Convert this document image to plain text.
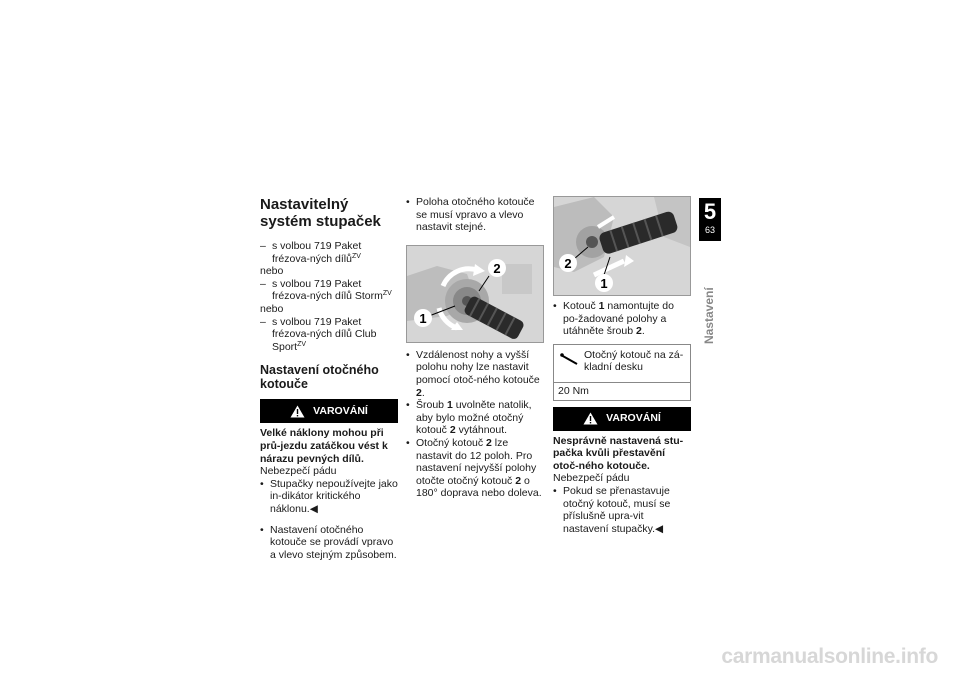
Nastavitelný systém stupaček
– s volbou 719 Paket frézova-ných dílů$^{ZV}$
nebo
– s volbou 719 Paket frézova-ných dílů Storm$^{ZV}$
nebo
– s volbou 719 Paket frézova-ných dílů Club Sport$^{ZV}$
Nastavení otočného kotouče
VAROVÁNÍ
Velké náklony mohou při prů-jezdu zatáčkou vést k nárazu pevných dílů.
Nebezpečí pádu
• Stupačky nepoužívejte jako in-dikátor kritického náklonu.◀
• Nastavení otočného kotouče se provádí vpravo a vlevo stejným způsobem.
• Poloha otočného kotouče se musí vpravo a vlevo nastavit stejné.
2
1
• Vzdálenost nohy a vyšší polohu nohy lze nastavit pomocí otoč-ného kotouče 2.
• Šroub 1 uvolněte natolik, aby bylo možné otočný kotouč 2 vytáhnout.
• Otočný kotouč 2 lze nastavit do 12 poloh. Pro nastavení nejvyšší polohy otočte otočný kotouč 2 o 180° doprava nebo doleva.
2
1
• Kotouč 1 namontujte do po-žadované polohy a utáhněte šroub 2.
Otočný kotouč na zá-kladní desku
20 Nm
VAROVÁNÍ
Nesprávně nastavená stu-pačka kvůli přestavění otoč-ného kotouče.
Nebezpečí pádu
• Pokud se přenastavuje otočný kotouč, musí se příslušně upra-vit nastavení stupačky.◀
5
63
Nastavení
carmanualsonline.info
